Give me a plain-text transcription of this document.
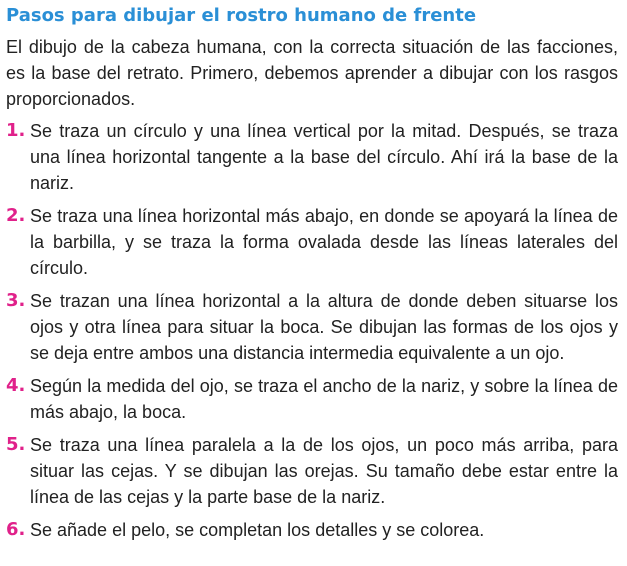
Pasos para dibujar el rostro humano de frente

El dibujo de la cabeza humana, con la correcta situación de las facciones, es la base del retrato. Primero, debemos aprender a dibujar con los rasgos proporcionados.

1. Se traza un círculo y una línea vertical por la mitad. Después, se traza una línea horizontal tangente a la base del círculo. Ahí irá la base de la nariz.
2. Se traza una línea horizontal más abajo, en donde se apoyará la línea de la barbilla, y se traza la forma ovalada desde las líneas laterales del círculo.
3. Se trazan una línea horizontal a la altura de donde deben situarse los ojos y otra línea para situar la boca. Se dibujan las formas de los ojos y se deja entre ambos una distancia intermedia equivalente a un ojo.
4. Según la medida del ojo, se traza el ancho de la nariz, y sobre la línea de más abajo, la boca.
5. Se traza una línea paralela a la de los ojos, un poco más arriba, para situar las cejas. Y se dibujan las orejas. Su tamaño debe estar entre la línea de las cejas y la parte base de la nariz.
6. Se añade el pelo, se completan los detalles y se colorea.
